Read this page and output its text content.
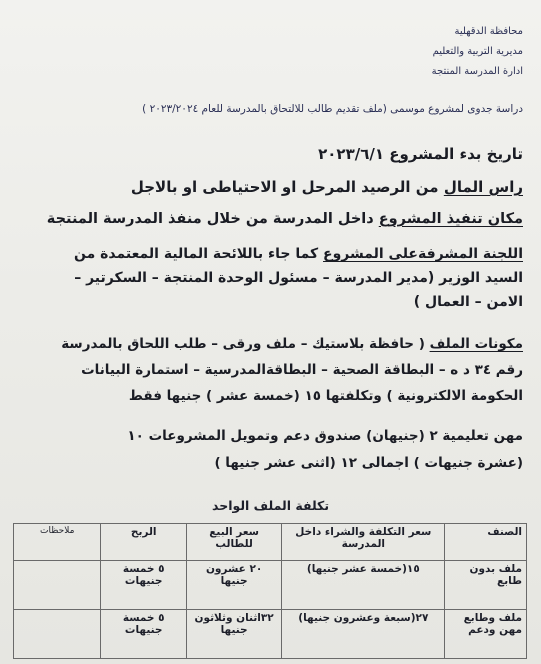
محافظة الدقهلية
مديرية التربية والتعليم
ادارة المدرسة المنتجة
دراسة جدوى لمشروع موسمى (ملف تقديم طالب للالتحاق بالمدرسة للعام ٢٠٢٣/٢٠٢٤ )
تاريخ بدء المشروع ٢٠٢٣/٦/١
راس المال من الرصيد المرحل او الاحتياطى او بالاجل
مكان تنفيذ المشروع داخل المدرسة من خلال منفذ المدرسة المنتجة
اللجنة المشرفةعلى المشروع كما جاء باللائحة المالية المعتمدة من
السيد الوزير (مدير المدرسة – مسئول الوحدة المنتجة – السكرتير –
الامن – العمال )
مكونات الملف ( حافظة بلاستيك – ملف ورقى – طلب اللحاق بالمدرسة
رقم ٣٤ د ه – البطاقة الصحية – البطاقةالمدرسية – استمارة البيانات
الحكومة الالكترونية ) وتكلفتها ١٥ (خمسة عشر ) جنيها فقط
مهن تعليمية ٢ (جنيهان) صندوق دعم وتمويل المشروعات ١٠
(عشرة جنيهات ) اجمالى ١٢ (اثنى عشر جنيها )
تكلفة الملف الواحد
الصنف	سعر التكلفة والشراء داخل المدرسة	سعر البيع للطالب	الربح	ملاحظات
ملف بدون طابع	١٥(خمسة عشر جنيها)	٢٠ عشرون جنيها	٥ خمسة جنيهات	
ملف وطابع مهن ودعم	٢٧(سبعة وعشرون جنيها)	٣٢اثنان وثلاثون جنيها	٥ خمسة جنيهات	
